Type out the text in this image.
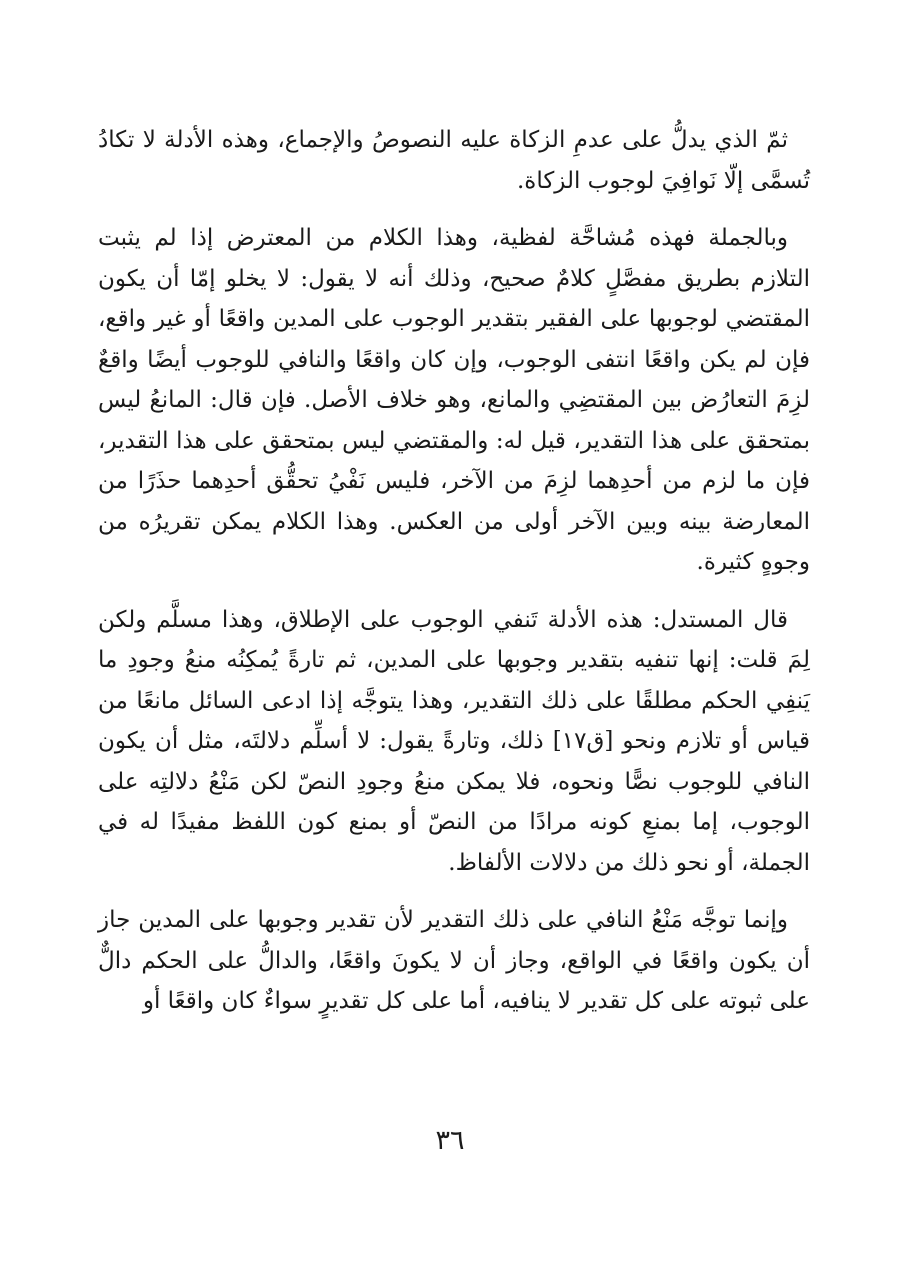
ثمّ الذي يدلُّ على عدمِ الزكاة عليه النصوصُ والإجماع، وهذه الأدلة لا تكادُ تُسمَّى إلّا نَوافِيَ لوجوب الزكاة.

وبالجملة فهذه مُشاحَّة لفظية، وهذا الكلام من المعترض إذا لم يثبت التلازم بطريق مفصَّلٍ كلامٌ صحيح، وذلك أنه لا يقول: لا يخلو إمّا أن يكون المقتضي لوجوبها على الفقير بتقدير الوجوب على المدين واقعًا أو غير واقع، فإن لم يكن واقعًا انتفى الوجوب، وإن كان واقعًا والنافي للوجوب أيضًا واقعٌ لزِمَ التعارُض بين المقتضِي والمانع، وهو خلاف الأصل. فإن قال: المانعُ ليس بمتحقق على هذا التقدير، قيل له: والمقتضي ليس بمتحقق على هذا التقدير، فإن ما لزم من أحدِهما لزِمَ من الآخر، فليس نَفْيُ تحقُّق أحدِهما حذَرًا من المعارضة بينه وبين الآخر أولى من العكس. وهذا الكلام يمكن تقريرُه من وجوهٍ كثيرة.

قال المستدل: هذه الأدلة تَنفي الوجوب على الإطلاق، وهذا مسلَّم ولكن لِمَ قلت: إنها تنفيه بتقدير وجوبها على المدين، ثم تارةً يُمكِنُه منعُ وجودِ ما يَنفِي الحكم مطلقًا على ذلك التقدير، وهذا يتوجَّه إذا ادعى السائل مانعًا من قياس أو تلازم ونحو [ق١٧] ذلك، وتارةً يقول: لا أسلِّم دلالتَه، مثل أن يكون النافي للوجوب نصًّا ونحوه، فلا يمكن منعُ وجودِ النصّ لكن مَنْعُ دلالتِه على الوجوب، إما بمنعِ كونه مرادًا من النصّ أو بمنع كون اللفظ مفيدًا له في الجملة، أو نحو ذلك من دلالات الألفاظ.

وإنما توجَّه مَنْعُ النافي على ذلك التقدير لأن تقدير وجوبها على المدين جاز أن يكون واقعًا في الواقع، وجاز أن لا يكونَ واقعًا، والدالُّ على الحكم دالٌّ على ثبوته على كل تقدير لا ينافيه، أما على كل تقديرٍ سواءٌ كان واقعًا أو

٣٦
